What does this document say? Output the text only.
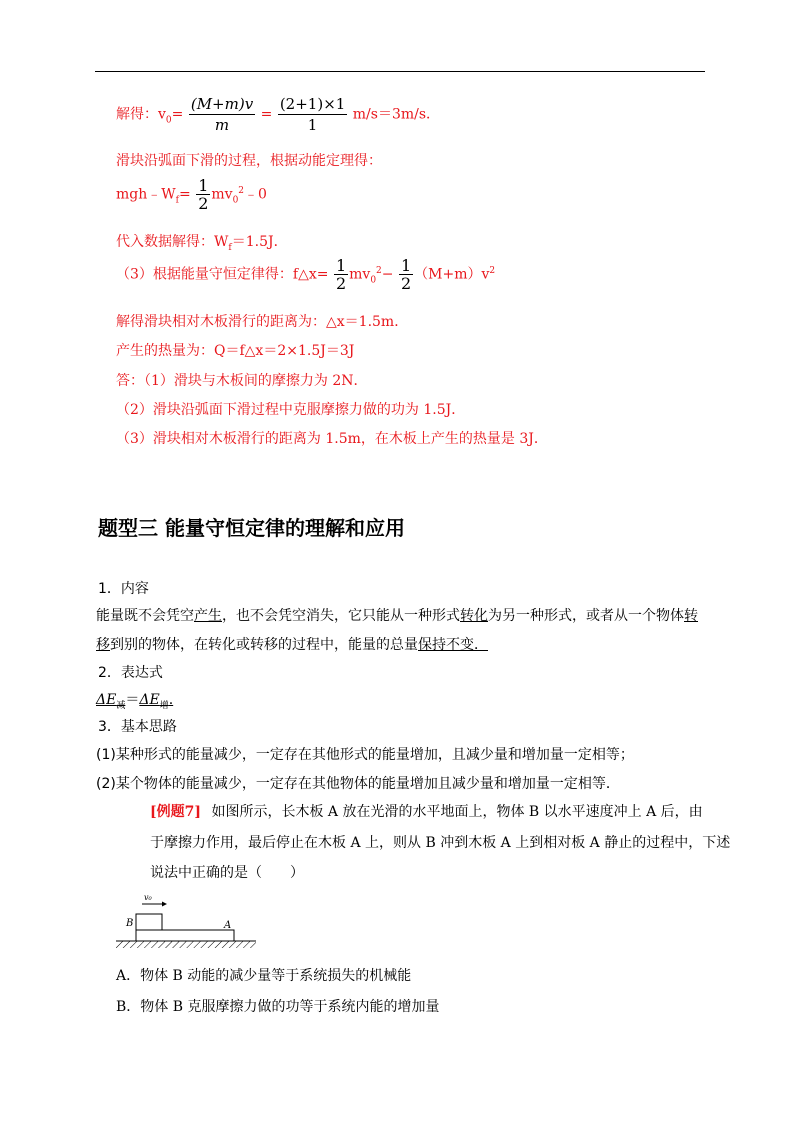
解得：$v_0= \frac{(M+m)v}{m} = \frac{(2+1)\times 1}{1} m/s=3m/s$．
滑块沿弧面下滑的过程，根据动能定理得：
$mgh﹣W_f= \frac{1}{2}$ $mv_0^2﹣0$
代入数据解得：$W_f=1.5J$．
（3）根据能量守恒定律得：f△x= $\frac{1}{2} mv_0^2- \frac{1}{2} (M+m)v^2$
解得滑块相对木板滑行的距离为：△x＝1.5m．
产生的热量为：Q＝f△x＝2×1.5J＝3J
答：（1）滑块与木板间的摩擦力为 2N．
（2）滑块沿弧面下滑过程中克服摩擦力做的功为 1.5J．
（3）滑块相对木板滑行的距离为 1.5m，在木板上产生的热量是 3J．
题型三 能量守恒定律的理解和应用
1．内容
能量既不会凭空产生，也不会凭空消失，它只能从一种形式转化为另一种形式，或者从一个物体转
移到别的物体，在转化或转移的过程中，能量的总量保持不变．
2．表达式
$\Delta E_减=\Delta E_增$.
3．基本思路
(1)某种形式的能量减少，一定存在其他形式的能量增加，且减少量和增加量一定相等；
(2)某个物体的能量减少，一定存在其他物体的能量增加且减少量和增加量一定相等．
[例题7] 如图所示，长木板 A 放在光滑的水平地面上，物体 B 以水平速度冲上 A 后，由
于摩擦力作用，最后停止在木板 A 上，则从 B 冲到木板 A 上到相对板 A 静止的过程中，下述
说法中正确的是（　　）
v₀
B	A
A．物体 B 动能的减少量等于系统损失的机械能
B．物体 B 克服摩擦力做的功等于系统内能的增加量
